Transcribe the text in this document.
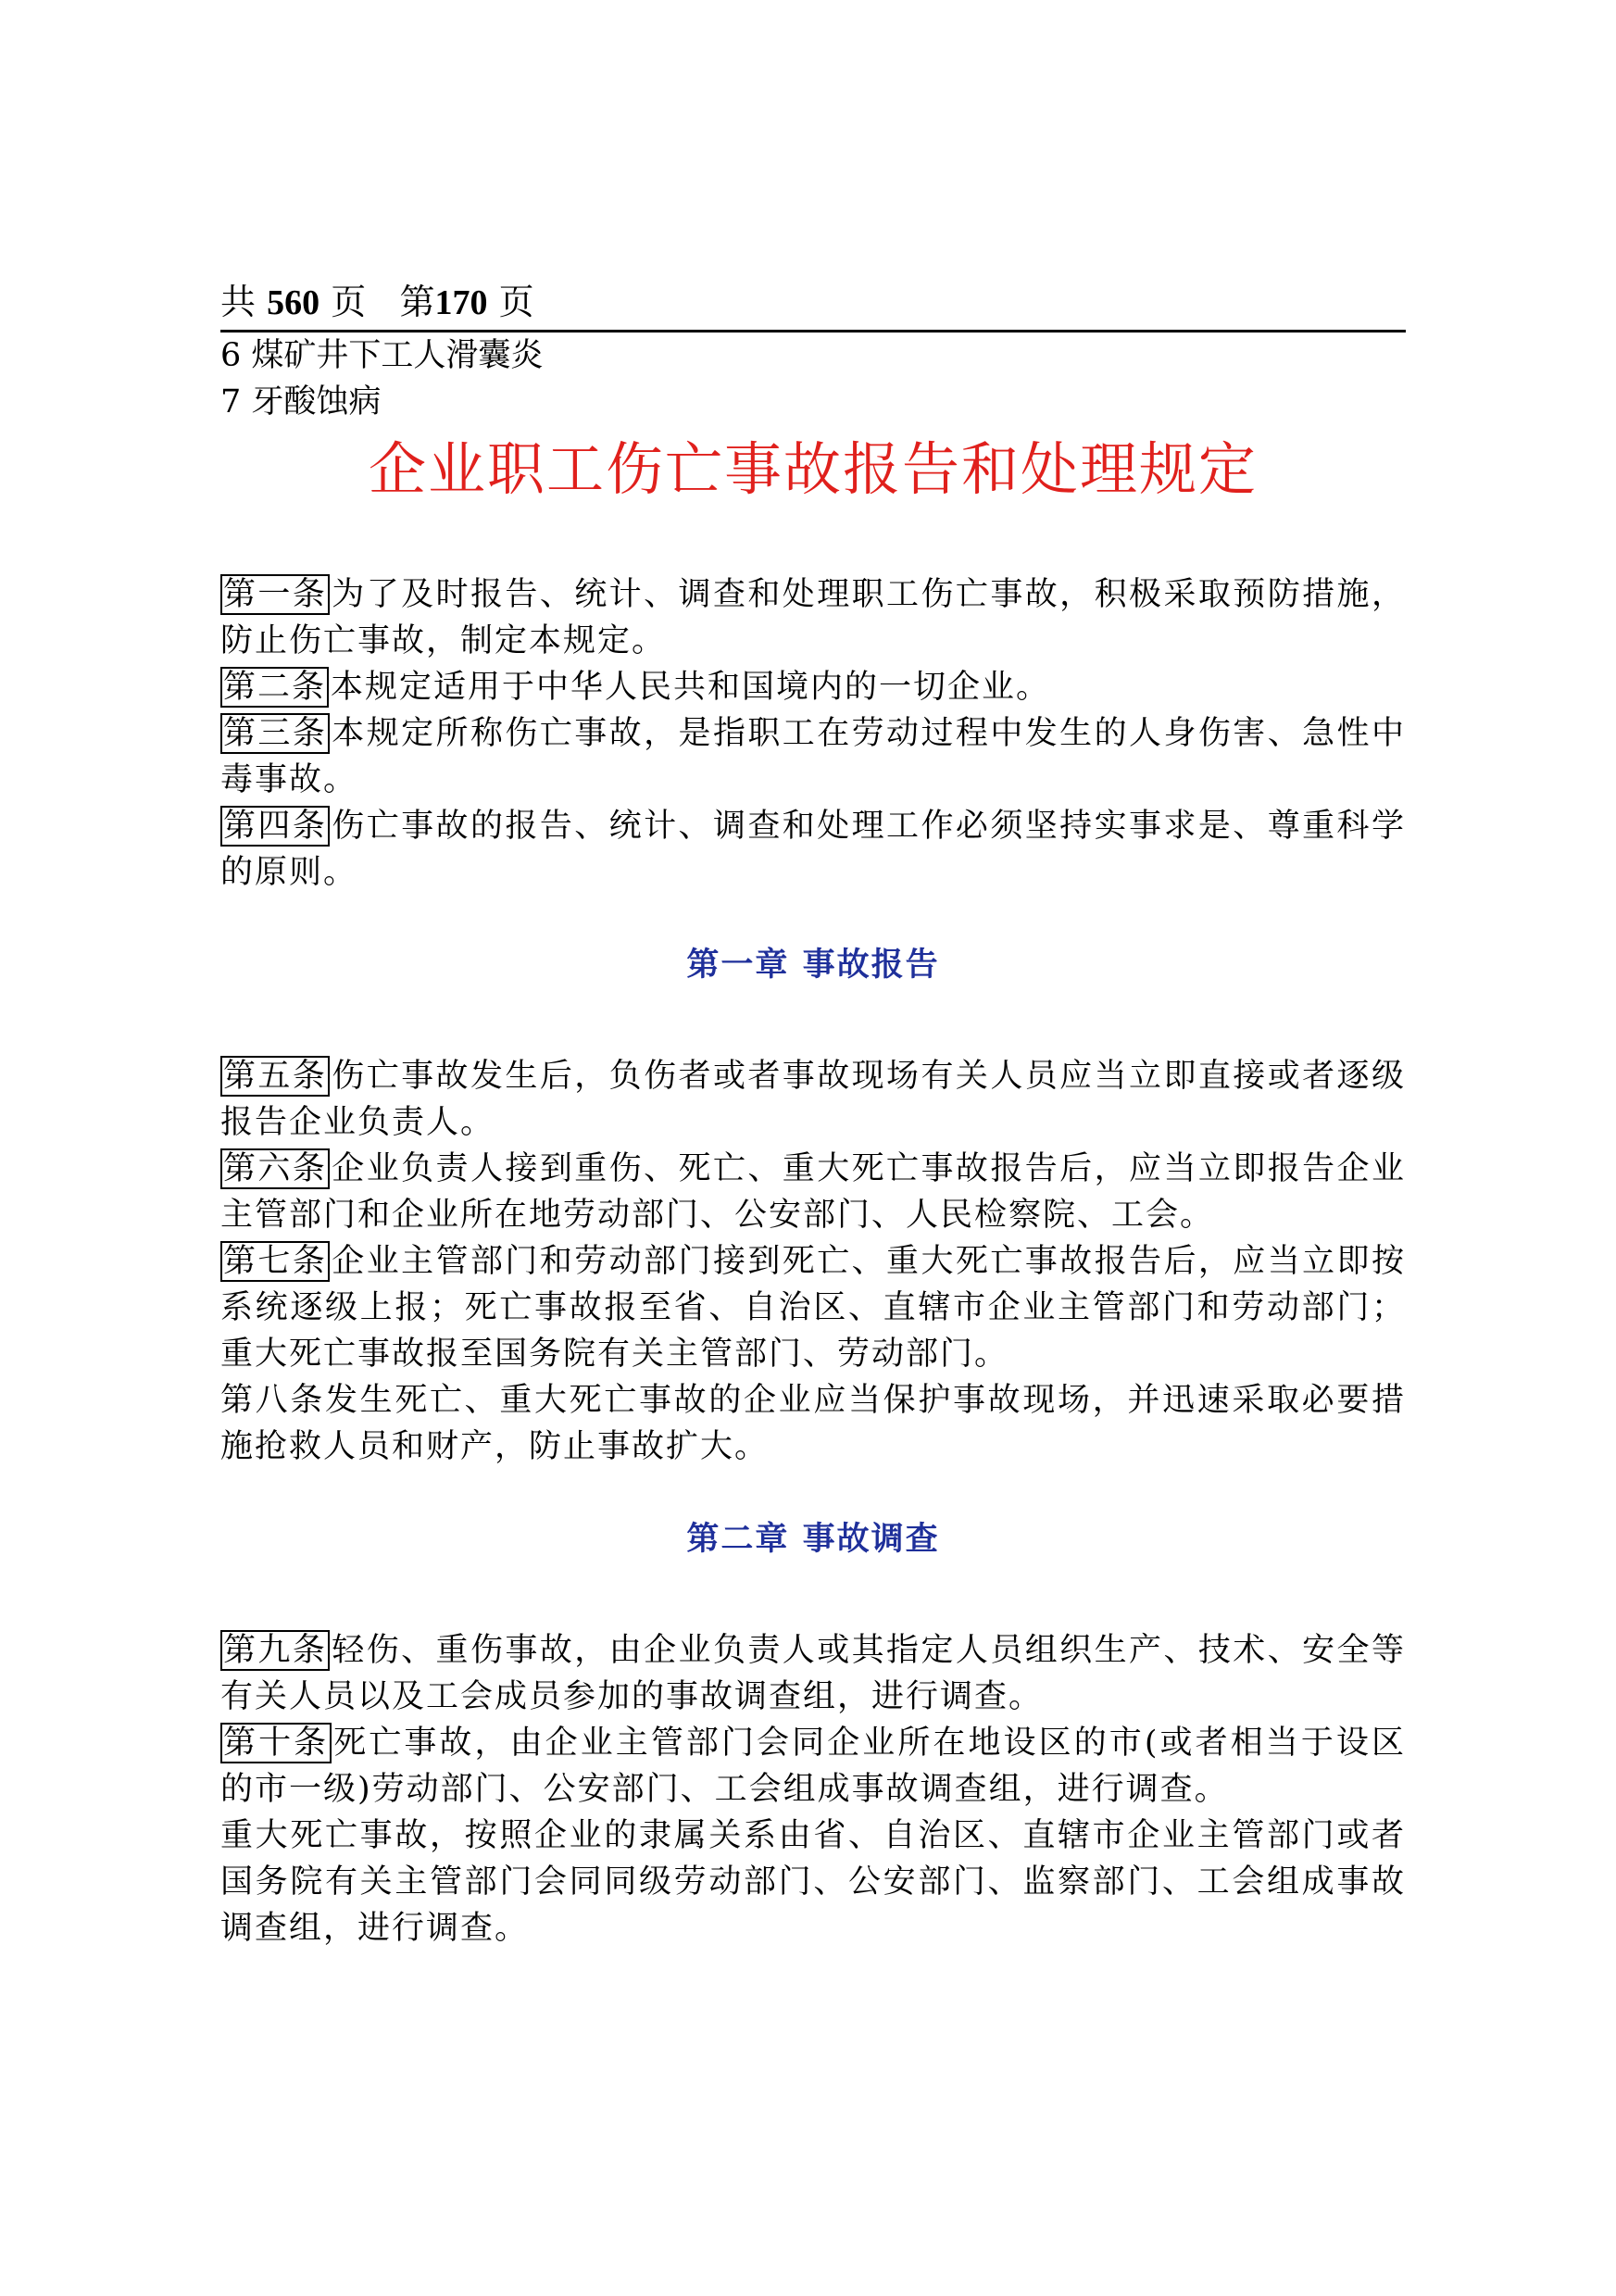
共 560 页 第170 页
6 煤矿井下工人滑囊炎
7 牙酸蚀病
企业职工伤亡事故报告和处理规定

第一条 为了及时报告、统计、调查和处理职工伤亡事故，积极采取预防措施，防止伤亡事故，制定本规定。

第二条 本规定适用于中华人民共和国境内的一切企业。

第三条 本规定所称伤亡事故，是指职工在劳动过程中发生的人身伤害、急性中毒事故。

第四条 伤亡事故的报告、统计、调查和处理工作必须坚持实事求是、尊重科学的原则。

第一章 事故报告

第五条 伤亡事故发生后，负伤者或者事故现场有关人员应当立即直接或者逐级报告企业负责人。

第六条 企业负责人接到重伤、死亡、重大死亡事故报告后，应当立即报告企业主管部门和企业所在地劳动部门、公安部门、人民检察院、工会。

第七条 企业主管部门和劳动部门接到死亡、重大死亡事故报告后，应当立即按系统逐级上报；死亡事故报至省、自治区、直辖市企业主管部门和劳动部门；重大死亡事故报至国务院有关主管部门、劳动部门。

第八条发生死亡、重大死亡事故的企业应当保护事故现场，并迅速采取必要措施抢救人员和财产，防止事故扩大。

第二章 事故调查

第九条 轻伤、重伤事故，由企业负责人或其指定人员组织生产、技术、安全等有关人员以及工会成员参加的事故调查组，进行调查。

第十条 死亡事故，由企业主管部门会同企业所在地设区的市(或者相当于设区的市一级)劳动部门、公安部门、工会组成事故调查组，进行调查。

重大死亡事故，按照企业的隶属关系由省、自治区、直辖市企业主管部门或者国务院有关主管部门会同同级劳动部门、公安部门、监察部门、工会组成事故调查组，进行调查。
